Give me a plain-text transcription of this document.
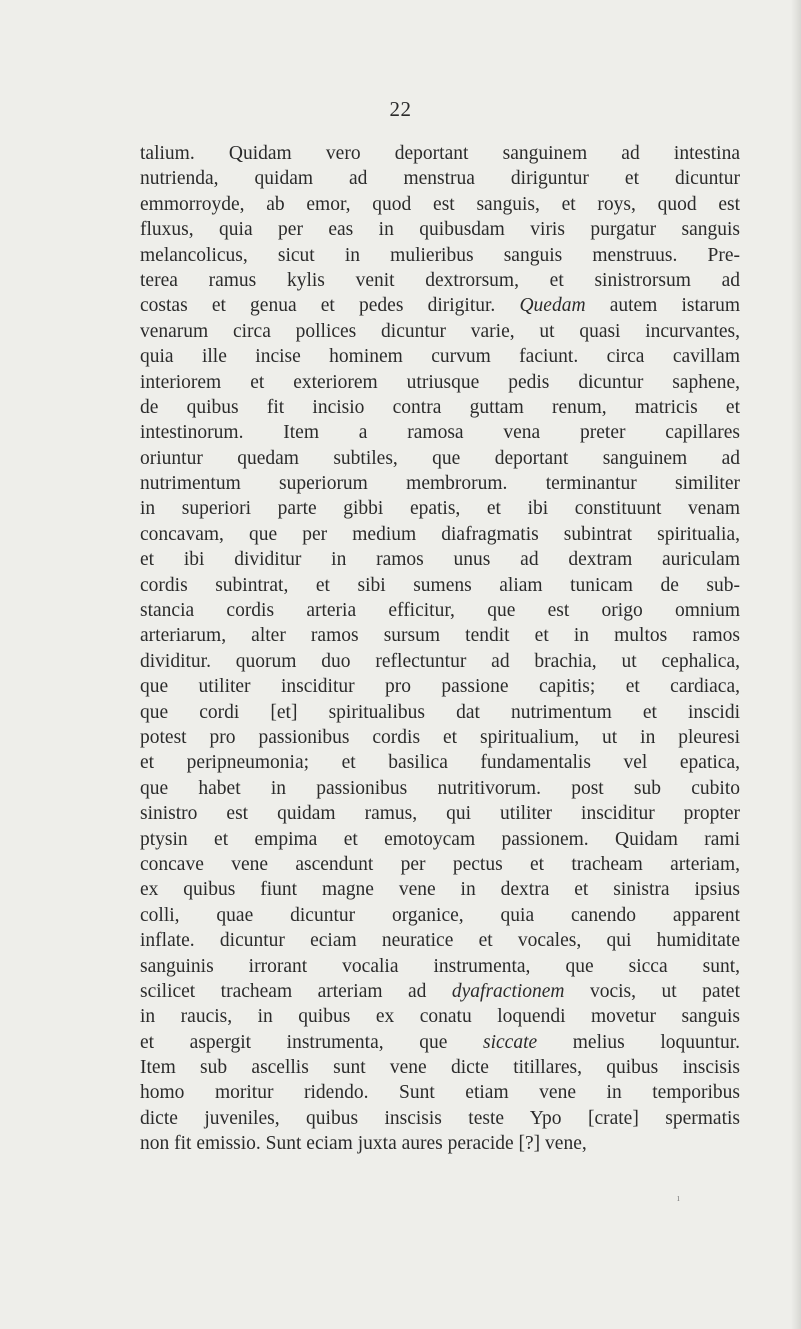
22
talium. Quidam vero deportant sanguinem ad intestina
nutrienda, quidam ad menstrua diriguntur et dicuntur
emmorroyde, ab emor, quod est sanguis, et roys, quod est
fluxus, quia per eas in quibusdam viris purgatur sanguis
melancolicus, sicut in mulieribus sanguis menstruus. Pre-
terea ramus kylis venit dextrorsum, et sinistrorsum ad
costas et genua et pedes dirigitur. Quedam autem istarum
venarum circa pollices dicuntur varie, ut quasi incurvantes,
quia ille incise hominem curvum faciunt. circa cavillam
interiorem et exteriorem utriusque pedis dicuntur saphene,
de quibus fit incisio contra guttam renum, matricis et
intestinorum. Item a ramosa vena preter capillares
oriuntur quedam subtiles, que deportant sanguinem ad
nutrimentum superiorum membrorum. terminantur similiter
in superiori parte gibbi epatis, et ibi constituunt venam
concavam, que per medium diafragmatis subintrat spiritualia,
et ibi dividitur in ramos unus ad dextram auriculam
cordis subintrat, et sibi sumens aliam tunicam de sub-
stancia cordis arteria efficitur, que est origo omnium
arteriarum, alter ramos sursum tendit et in multos ramos
dividitur. quorum duo reflectuntur ad brachia, ut cephalica,
que utiliter insciditur pro passione capitis; et cardiaca,
que cordi [et] spiritualibus dat nutrimentum et inscidi
potest pro passionibus cordis et spiritualium, ut in pleuresi
et peripneumonia; et basilica fundamentalis vel epatica,
que habet in passionibus nutritivorum. post sub cubito
sinistro est quidam ramus, qui utiliter insciditur propter
ptysin et empima et emotoycam passionem. Quidam rami
concave vene ascendunt per pectus et tracheam arteriam,
ex quibus fiunt magne vene in dextra et sinistra ipsius
colli, quae dicuntur organice, quia canendo apparent
inflate. dicuntur eciam neuratice et vocales, qui humiditate
sanguinis irrorant vocalia instrumenta, que sicca sunt,
scilicet tracheam arteriam ad dyafractionem vocis, ut patet
in raucis, in quibus ex conatu loquendi movetur sanguis
et aspergit instrumenta, que siccate melius loquuntur.
Item sub ascellis sunt vene dicte titillares, quibus inscisis
homo moritur ridendo. Sunt etiam vene in temporibus
dicte juveniles, quibus inscisis teste Ypo [crate] spermatis
non fit emissio. Sunt eciam juxta aures peracide [?] vene,
ı
